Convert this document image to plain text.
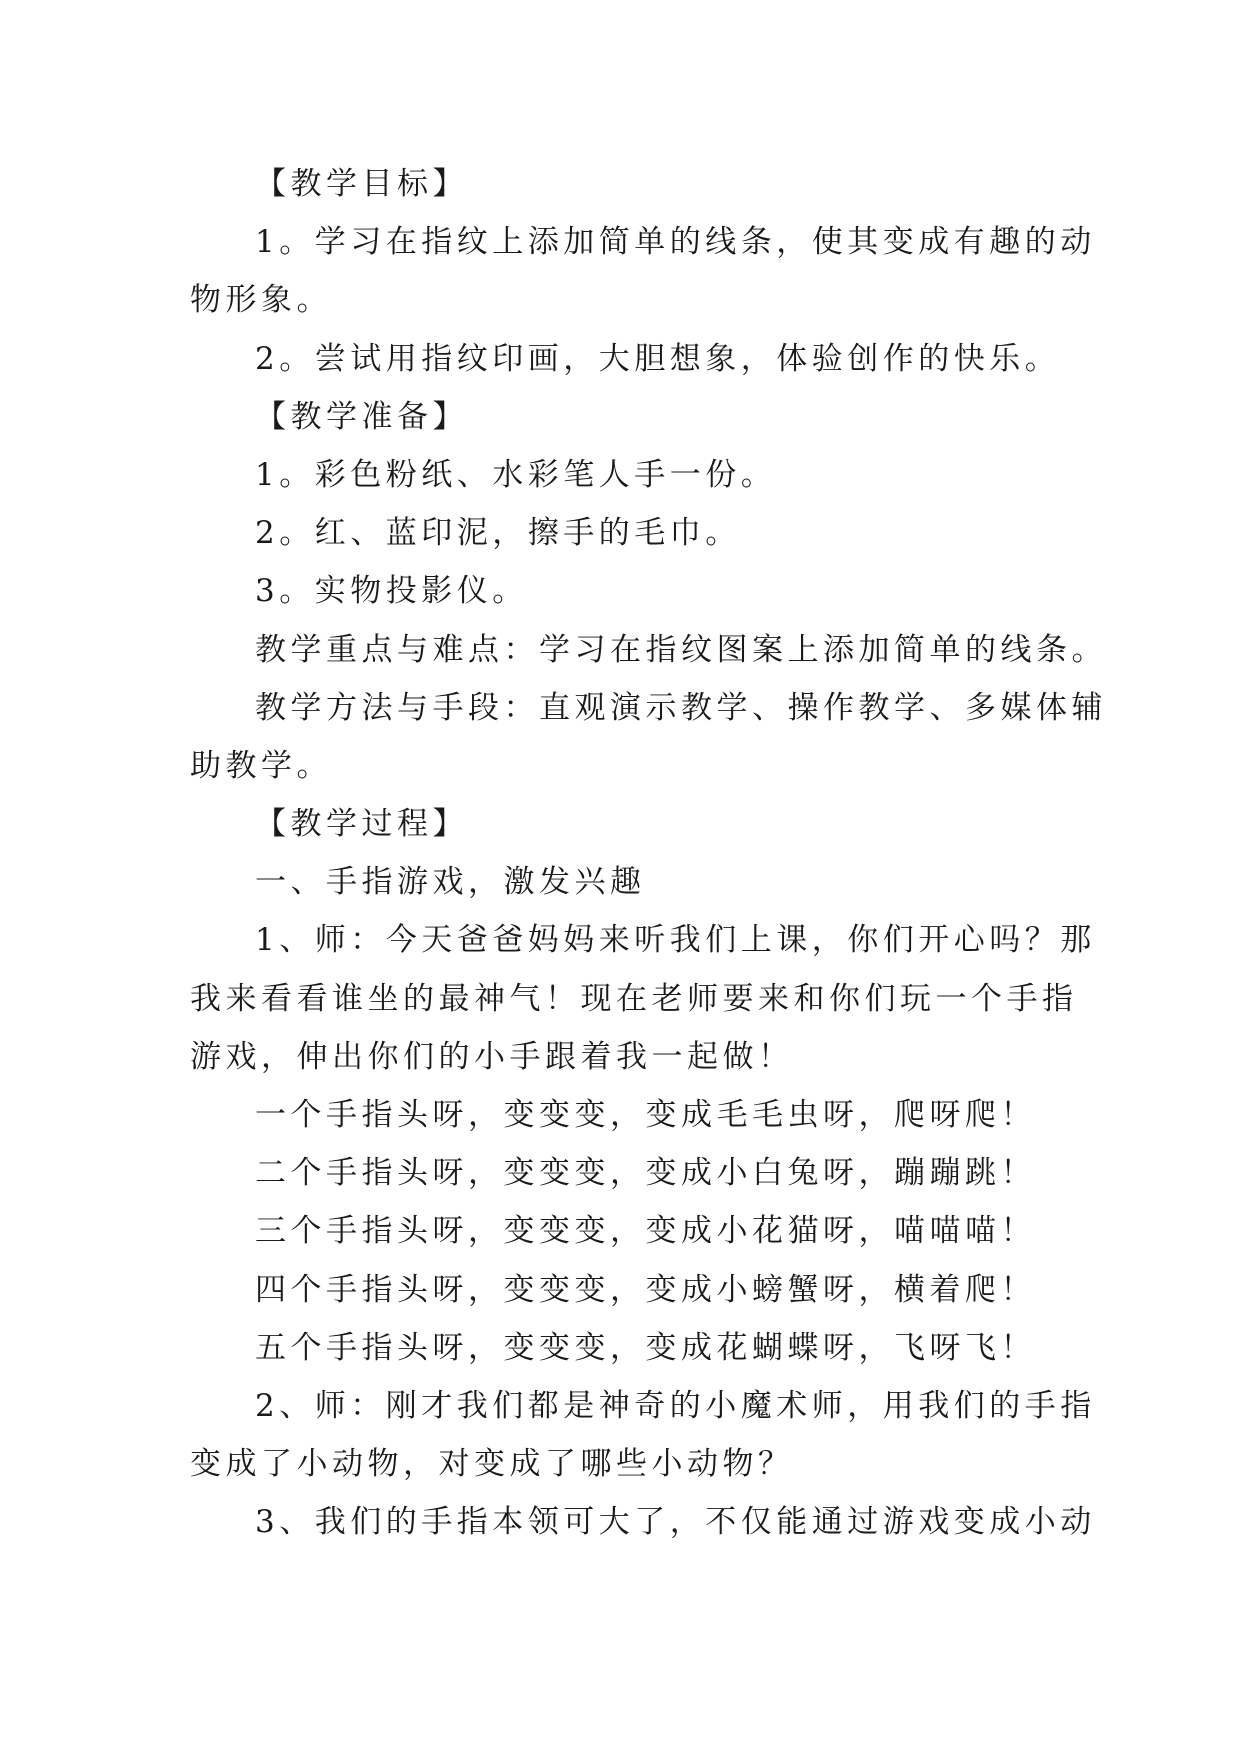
【教学目标】

1。学习在指纹上添加简单的线条，使其变成有趣的动

物形象。

2。尝试用指纹印画，大胆想象，体验创作的快乐。

【教学准备】

1。彩色粉纸、水彩笔人手一份。

2。红、蓝印泥，擦手的毛巾。

3。实物投影仪。

教学重点与难点：学习在指纹图案上添加简单的线条。

教学方法与手段：直观演示教学、操作教学、多媒体辅

助教学。

【教学过程】

一、手指游戏，激发兴趣

1、师：今天爸爸妈妈来听我们上课，你们开心吗？那

我来看看谁坐的最神气！现在老师要来和你们玩一个手指

游戏，伸出你们的小手跟着我一起做！

一个手指头呀，变变变，变成毛毛虫呀，爬呀爬！

二个手指头呀，变变变，变成小白兔呀，蹦蹦跳！

三个手指头呀，变变变，变成小花猫呀，喵喵喵！

四个手指头呀，变变变，变成小螃蟹呀，横着爬！

五个手指头呀，变变变，变成花蝴蝶呀，飞呀飞！

2、师：刚才我们都是神奇的小魔术师，用我们的手指

变成了小动物，对变成了哪些小动物？

3、我们的手指本领可大了，不仅能通过游戏变成小动
